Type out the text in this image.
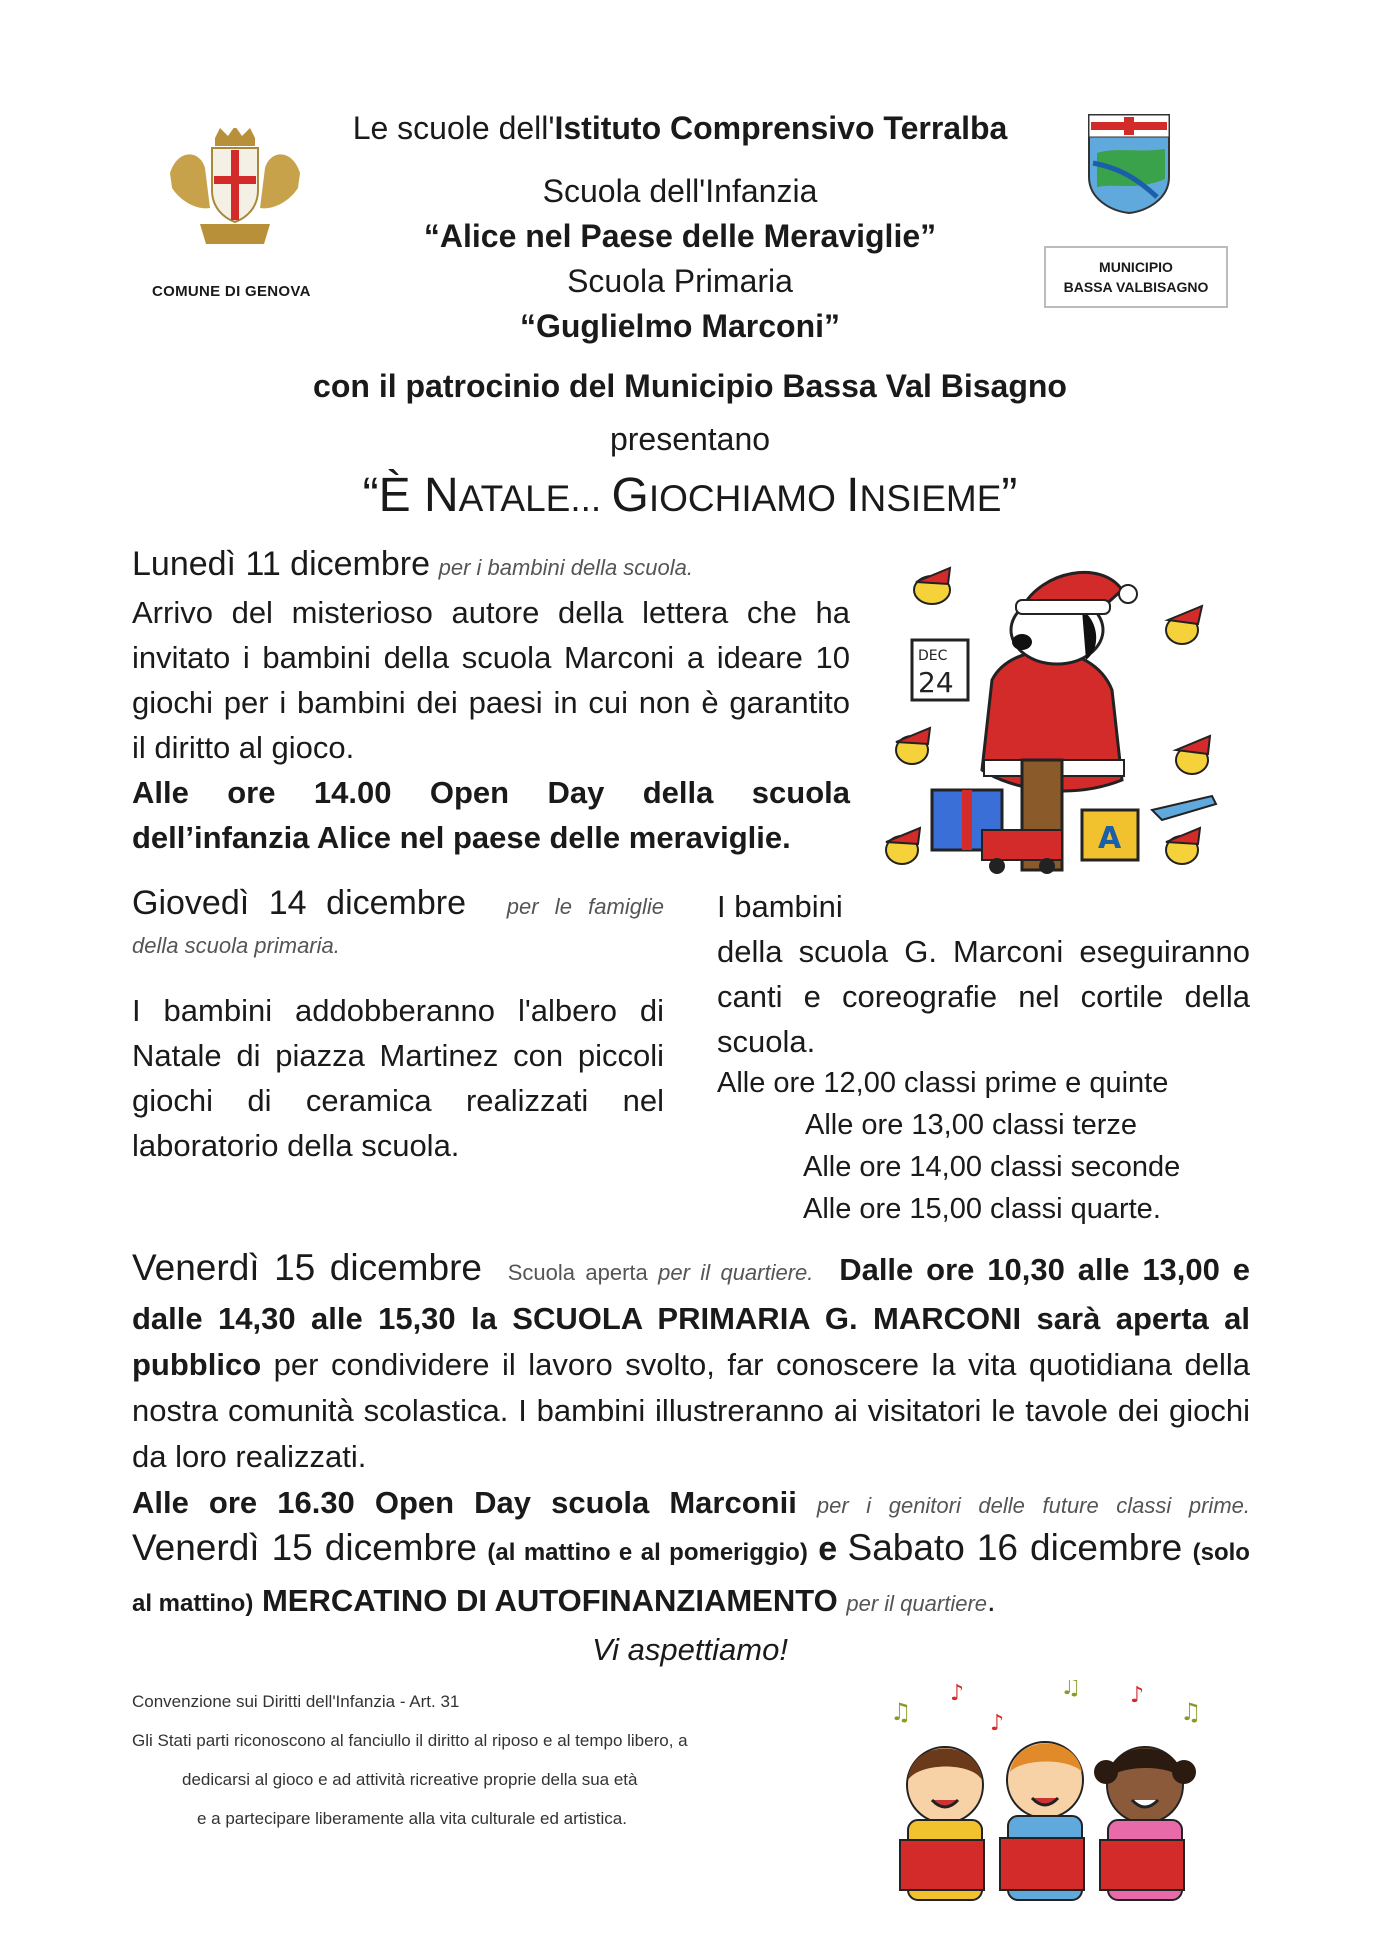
COMUNE DI GENOVA
MUNICIPIO
BASSA VALBISAGNO
Le scuole dell'Istituto Comprensivo Terralba
Scuola dell'Infanzia
“Alice nel Paese delle Meraviglie”
Scuola Primaria
“Guglielmo Marconi”
con il patrocinio del Municipio Bassa Val Bisagno
presentano
“È NATALE... GIOCHIAMO INSIEME”
Lunedì 11 dicembre per i bambini della scuola.
Arrivo del misterioso autore della lettera che ha invitato i bambini della scuola Marconi a ideare 10 giochi per i bambini dei paesi in cui non è garantito il diritto al gioco.
Alle ore 14.00 Open Day della scuola dell’infanzia Alice nel paese delle meraviglie.
DEC
24
A
Giovedì 14 dicembre per le famiglie della scuola primaria.
I bambini addobberanno l'albero di Natale di piazza Martinez con piccoli giochi di ceramica realizzati nel laboratorio della scuola.
I bambini
della scuola G. Marconi eseguiranno canti e coreografie nel cortile della scuola.
Alle ore 12,00 classi prime e quinte
Alle ore 13,00 classi terze
Alle ore 14,00 classi seconde
Alle ore 15,00 classi quarte.
Venerdì 15 dicembre Scuola aperta per il quartiere. Dalle ore 10,30 alle 13,00 e dalle 14,30 alle 15,30 la SCUOLA PRIMARIA G. MARCONI sarà aperta al pubblico per condividere il lavoro svolto, far conoscere la vita quotidiana della nostra comunità scolastica. I bambini illustreranno ai visitatori le tavole dei giochi da loro realizzati.
Alle ore 16.30 Open Day scuola Marconii per i genitori delle future classi prime.
Venerdì 15 dicembre (al mattino e al pomeriggio) e Sabato 16 dicembre (solo al mattino) MERCATINO DI AUTOFINANZIAMENTO per il quartiere.
Vi aspettiamo!
Convenzione sui Diritti dell'Infanzia - Art. 31
Gli Stati parti riconoscono al fanciullo il diritto al riposo e al tempo libero, a
dedicarsi al gioco e ad attività ricreative proprie della sua età
e a partecipare liberamente alla vita culturale ed artistica.
♫
♫
♫
♪	♪
♪
